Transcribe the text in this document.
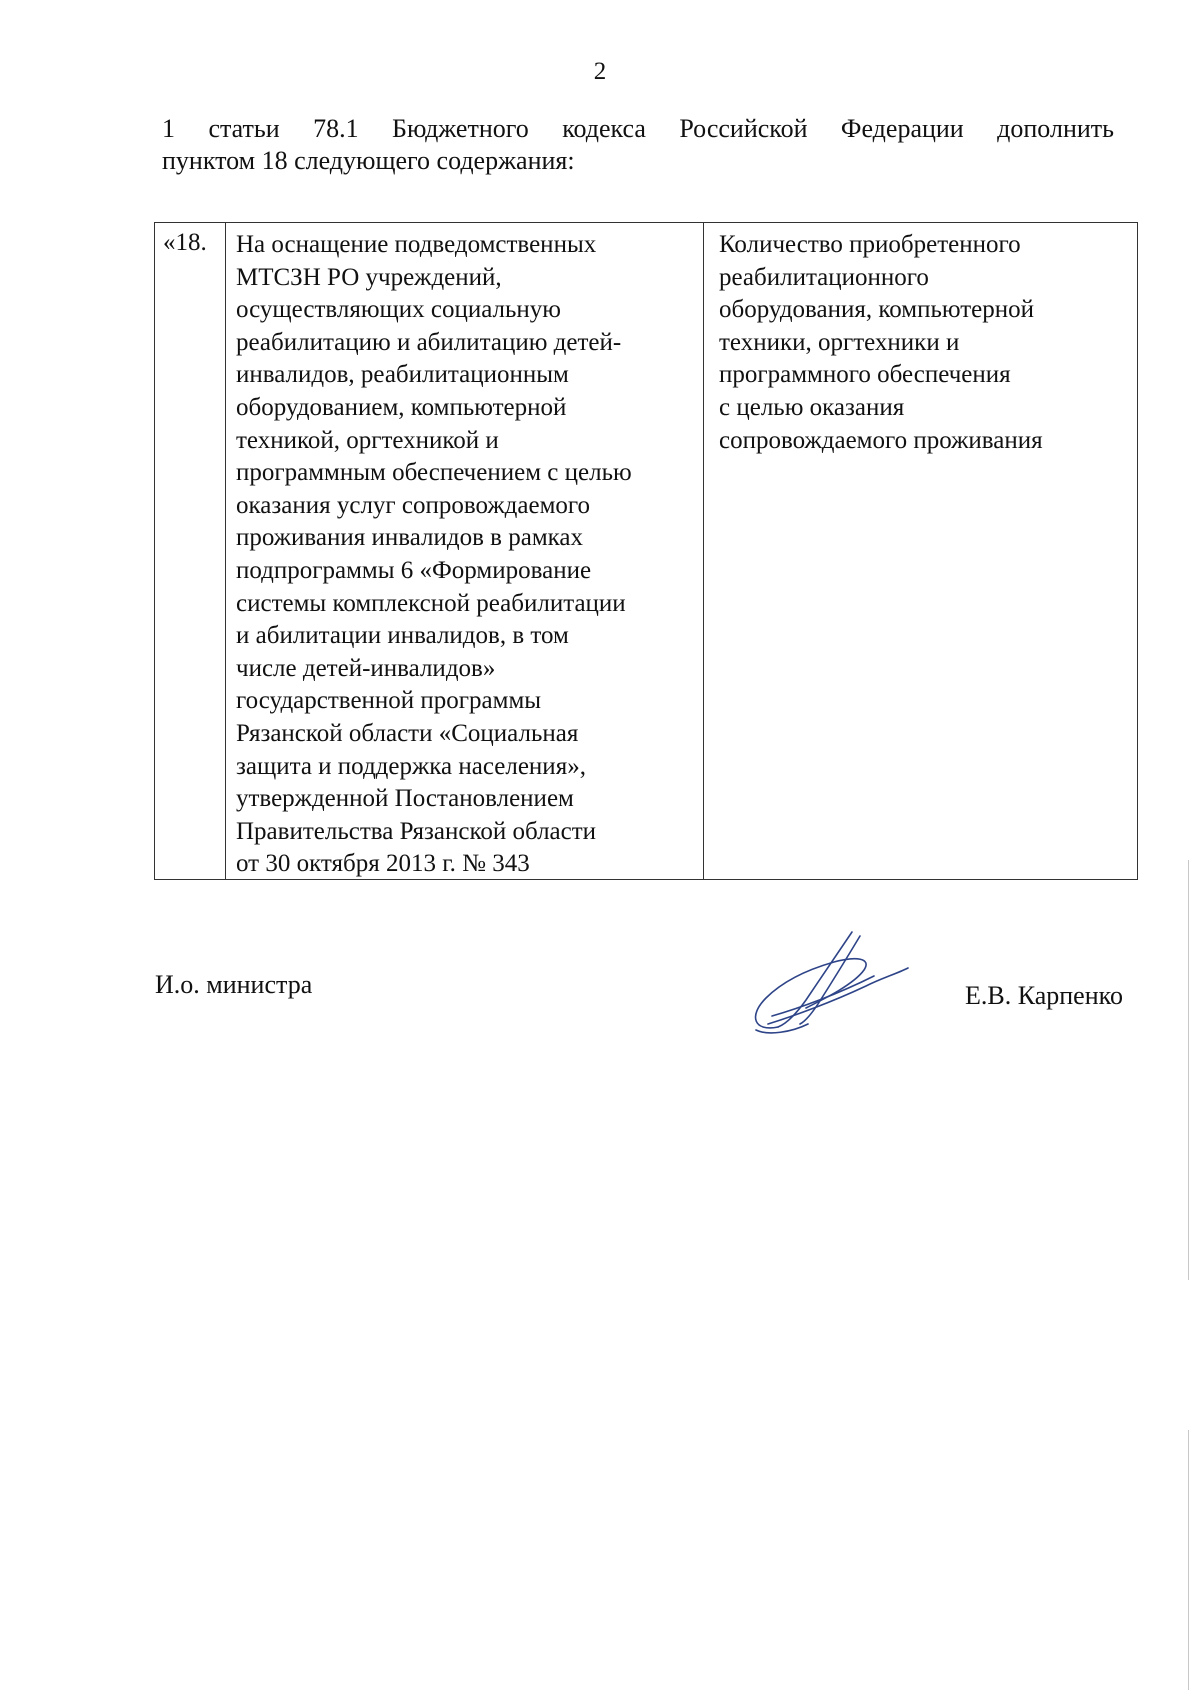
2
1 статьи 78.1 Бюджетного кодекса Российской Федерации дополнить
пунктом 18 следующего содержания:
«18.	На оснащение подведомственных
МТСЗН РО учреждений,
осуществляющих социальную
реабилитацию и абилитацию детей-
инвалидов, реабилитационным
оборудованием, компьютерной
техникой, оргтехникой и
программным обеспечением с целью
оказания услуг сопровождаемого
проживания инвалидов в рамках
подпрограммы 6 «Формирование
системы комплексной реабилитации
и абилитации инвалидов, в том
числе детей-инвалидов»
государственной программы
Рязанской области «Социальная
защита и поддержка населения»,
утвержденной Постановлением
Правительства Рязанской области
от 30 октября 2013 г. № 343
Количество приобретенного
реабилитационного
оборудования, компьютерной
техники, оргтехники и
программного обеспечения
с целью оказания
сопровождаемого проживания
И.о. министра	Е.В. Карпенко
